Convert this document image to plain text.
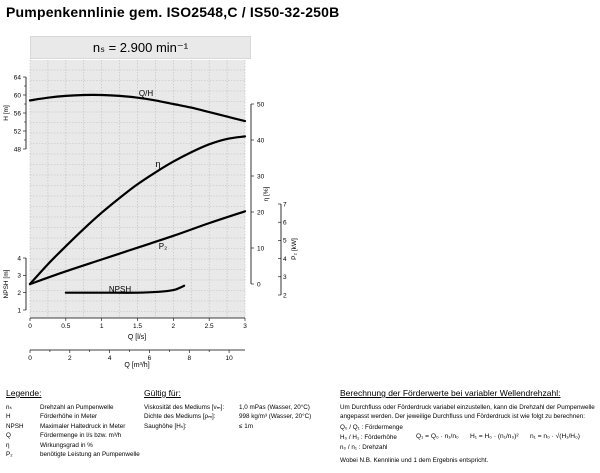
Pumpenkennlinie gem. ISO2548,C / IS50-32-250B
nₛ = 2.900 min⁻¹
48
52
56
60
64
1
2
3
4
H [m]
NPSH [m]	0
10
20
30
40
50
η [%]
2
3
4
5
6
7
P₂ [kW]
0	0.5	1	1.5	2	2.5	3
Q [l/s]
0	2	4	6	8	10
Q [m³/h]
Q/H
η
P₂
NPSH
Legende:
nₛ	Drehzahl an Pumpenwelle
H	Förderhöhe in Meter
NPSH	Maximaler Haltedruck in Meter
Q	Fördermenge in l/s bzw. m³/h
η	Wirkungsgrad in %
P₂	benötigte Leistung an Pumpenwelle
Gültig für:
Viskosität des Mediums [νₘ]: 1,0 mPas (Wasser, 20°C)
Dichte des Mediums [ρₘ]:	998 kg/m³ (Wasser, 20°C)
Saughöhe [Hₛ]:	≤ 1m
Berechnung der Förderwerte bei variabler Wellendrehzahl:
Um Durchfluss oder Förderdruck variabel einzustellen, kann die Drehzahl der Pumpenwelle
angepasst werden. Der jeweilige Durchfluss und Förderdruck ist wie folgt zu berechnen:
Q₀ / Q₁ : Fördermenge
H₀ / H₁ : Förderhöhe
n₀ / n₁ : Drehzahl
Q₁ = Q₀ · n₁/n₀ H₁ = H₀ · (n₁/n₀)² n₁ = n₀ · √(H₁/H₀)
Wobei N.B. Kennlinie und 1 dem Ergebnis entspricht.
